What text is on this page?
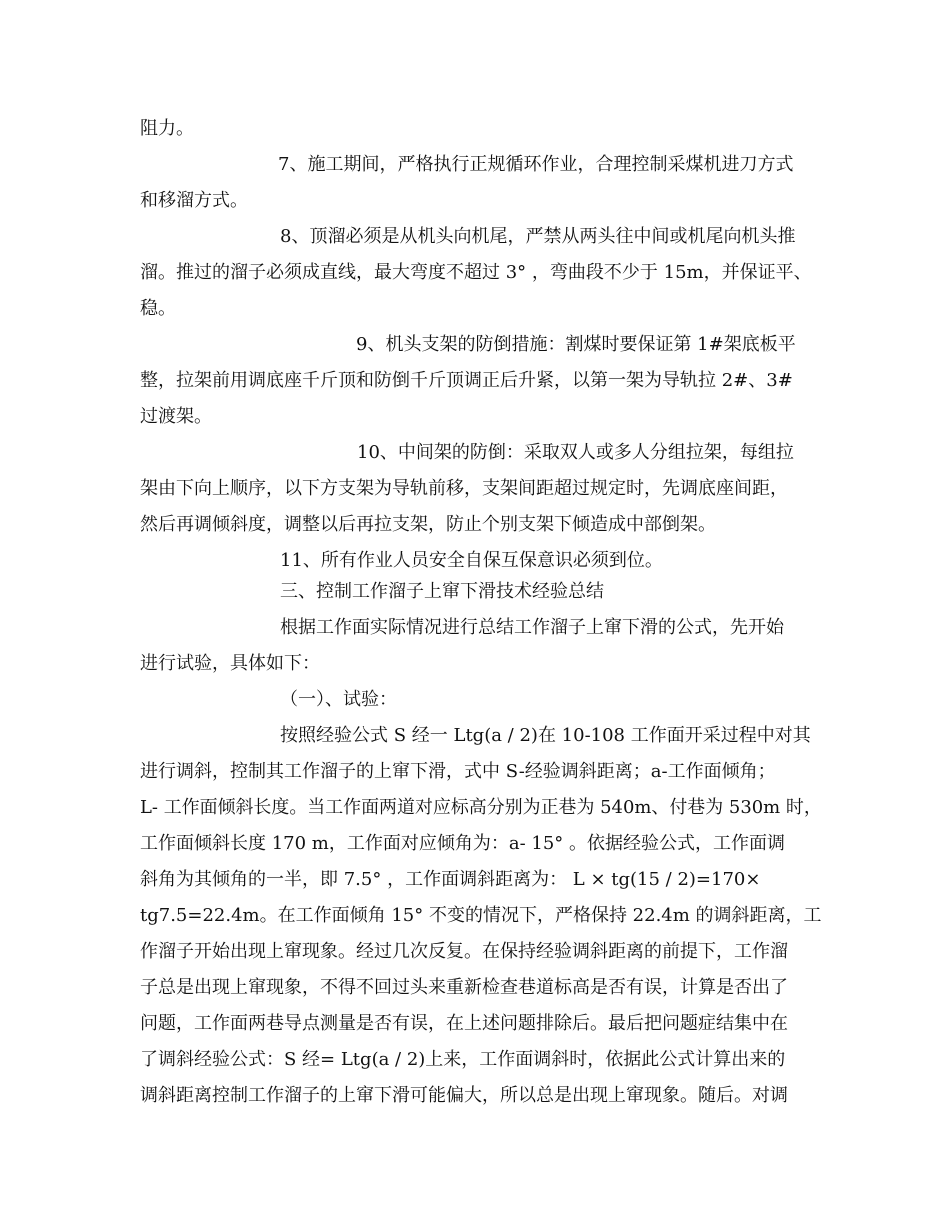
阻力。
7、施工期间，严格执行正规循环作业，合理控制采煤机进刀方式
和移溜方式。
8、顶溜必须是从机头向机尾，严禁从两头往中间或机尾向机头推
溜。推过的溜子必须成直线，最大弯度不超过 3° ，弯曲段不少于 15m，并保证平、
稳。
9、机头支架的防倒措施：割煤时要保证第 1#架底板平
整，拉架前用调底座千斤顶和防倒千斤顶调正后升紧，以第一架为导轨拉 2#、3#
过渡架。
10、中间架的防倒：采取双人或多人分组拉架，每组拉
架由下向上顺序，以下方支架为导轨前移，支架间距超过规定时，先调底座间距，
然后再调倾斜度，调整以后再拉支架，防止个别支架下倾造成中部倒架。
11、所有作业人员安全自保互保意识必须到位。
三、控制工作溜子上窜下滑技术经验总结
根据工作面实际情况进行总结工作溜子上窜下滑的公式，先开始
进行试验，具体如下：
（一）、试验：
按照经验公式 S 经一 Ltg(a / 2)在 10-108 工作面开采过程中对其
进行调斜，控制其工作溜子的上窜下滑，式中 S-经验调斜距离；a-工作面倾角；
L- 工作面倾斜长度。当工作面两道对应标高分别为正巷为 540m、付巷为 530m 时，
工作面倾斜长度 170 m，工作面对应倾角为：a- 15° 。依据经验公式，工作面调
斜角为其倾角的一半，即 7.5° ，工作面调斜距离为： L × tg(15 / 2)=170×
tg7.5=22.4m。在工作面倾角 15° 不变的情况下，严格保持 22.4m 的调斜距离，工
作溜子开始出现上窜现象。经过几次反复。在保持经验调斜距离的前提下，工作溜
子总是出现上窜现象，不得不回过头来重新检查巷道标高是否有误，计算是否出了
问题，工作面两巷导点测量是否有误，在上述问题排除后。最后把问题症结集中在
了调斜经验公式：S 经= Ltg(a / 2)上来，工作面调斜时，依据此公式计算出来的
调斜距离控制工作溜子的上窜下滑可能偏大，所以总是出现上窜现象。随后。对调
